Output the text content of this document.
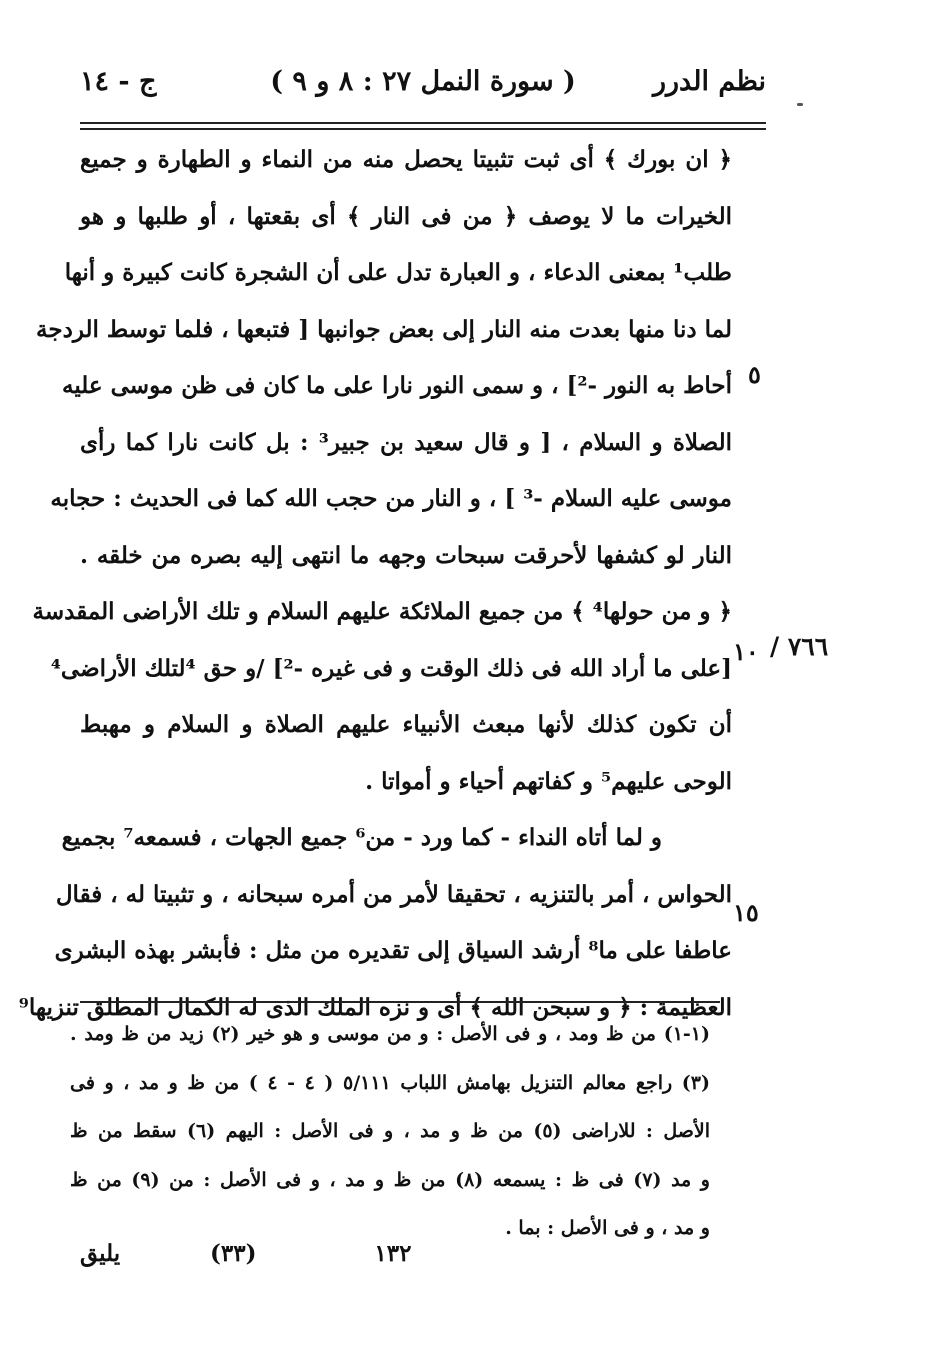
نظم الدرر
( سورة النمل ٢٧ : ٨ و ٩ )
ج - ١٤
﴿ ان بورك ﴾ أى ثبت تثبيتا يحصل منه من النماء و الطهارة و جميع
الخيرات ما لا يوصف ﴿ من فى النار ﴾ أى بقعتها ، أو طلبها و هو
طلب¹ بمعنى الدعاء ، و العبارة تدل على أن الشجرة كانت كبيرة و أنها
لما دنا منها بعدت منه النار إلى بعض جوانبها [ فتبعها ، فلما توسط الردجة
أحاط به النور -²] ، و سمى النور نارا على ما كان فى ظن موسى عليه
الصلاة و السلام ، [ و قال سعيد بن جبير³ : بل كانت نارا كما رأى
موسى عليه السلام -³ ] ، و النار من حجب الله كما فى الحديث : حجابه
النار لو كشفها لأحرقت سبحات وجهه ما انتهى إليه بصره من خلقه .
﴿ و من حولها⁴ ﴾ من جميع الملائكة عليهم السلام و تلك الأراضى المقدسة
[على ما أراد الله فى ذلك الوقت و فى غيره -²] /و حق ⁴لتلك الأراضى⁴
أن تكون كذلك لأنها مبعث الأنبياء عليهم الصلاة و السلام و مهبط
الوحى عليهم⁵ و كفاتهم أحياء و أمواتا .
و لما أتاه النداء - كما ورد - من⁶ جميع الجهات ، فسمعه⁷ بجميع
الحواس ، أمر بالتنزيه ، تحقيقا لأمر من أمره سبحانه ، و تثبيتا له ، فقال
عاطفا على ما⁸ أرشد السياق إلى تقديره من مثل : فأبشر بهذه البشرى
العظيمة : ﴿ و سبحن الله ﴾ أى و نزه الملك الذى له الكمال المطلق تنزيها⁹
٥
١٠
١٥
٧٦٦ /
(١-١) من ظ ومد ، و فى الأصل : و من موسى و هو خير (٢) زيد من ظ ومد .
(٣) راجع معالم التنزيل بهامش اللباب ٥/١١١ ( ٤ - ٤ ) من ظ و مد ، و فى
الأصل : للاراضى (٥) من ظ و مد ، و فى الأصل : اليهم (٦) سقط من ظ
و مد (٧) فى ظ : يسمعه (٨) من ظ و مد ، و فى الأصل : من (٩) من ظ
و مد ، و فى الأصل : بما .
١٣٢
(٣٣)
يليق
